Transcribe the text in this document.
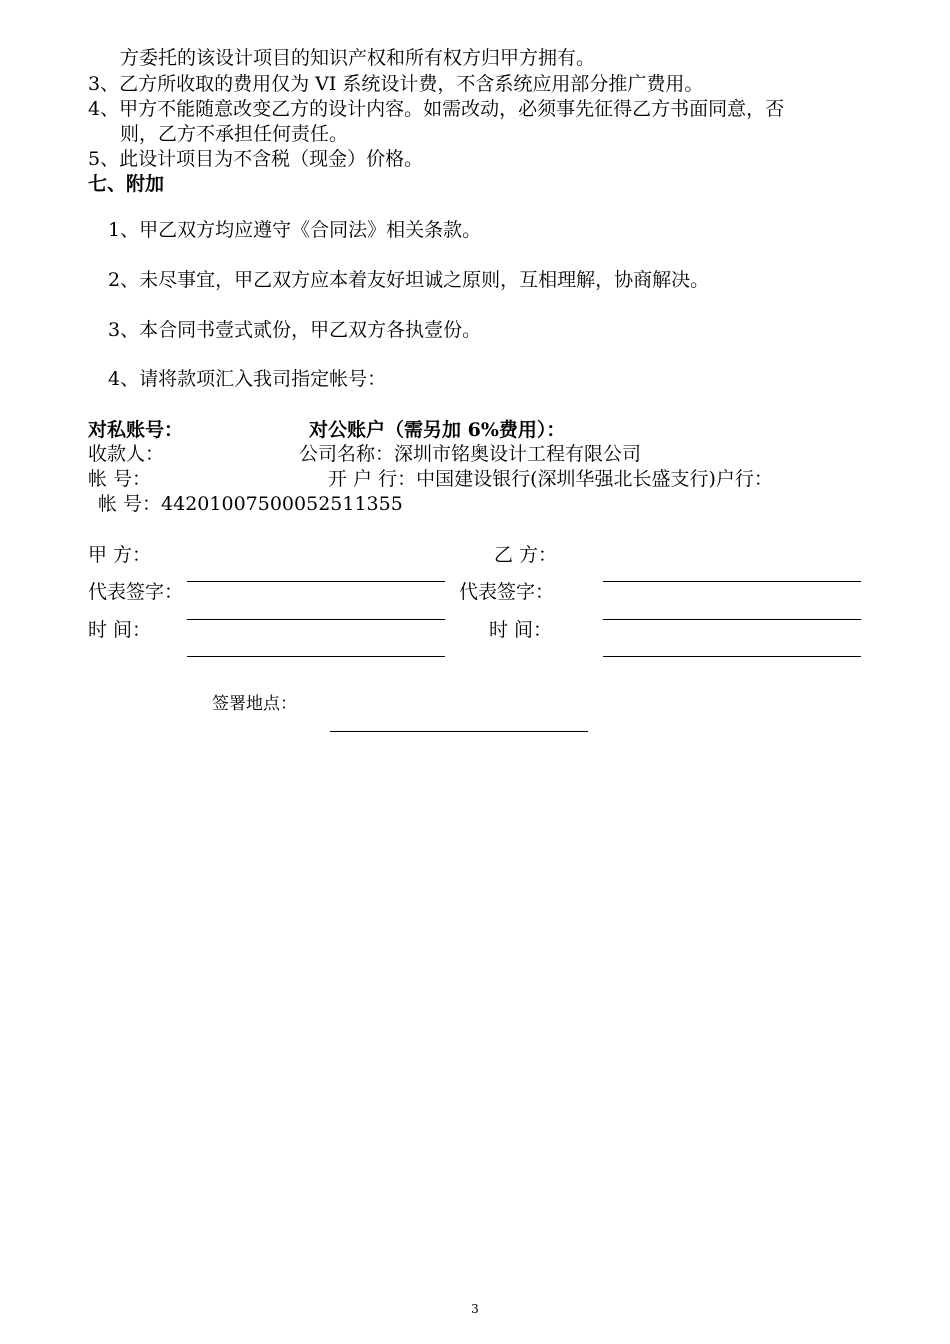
方委托的该设计项目的知识产权和所有权方归甲方拥有。
3、乙方所收取的费用仅为 VI 系统设计费，不含系统应用部分推广费用。
4、甲方不能随意改变乙方的设计内容。如需改动，必须事先征得乙方书面同意，否
则，乙方不承担任何责任。
5、此设计项目为不含税（现金）价格。
七、附加
1、甲乙双方均应遵守《合同法》相关条款。
2、未尽事宜，甲乙双方应本着友好坦诚之原则，互相理解，协商解决。
3、本合同书壹式贰份，甲乙双方各执壹份。
4、请将款项汇入我司指定帐号：
对私账号：	对公账户（需另加 6%费用）：
收款人：	公司名称：深圳市铭奥设计工程有限公司
帐 号：	开 户 行：中国建设银行(深圳华强北长盛支行)户行：
帐 号：44201007500052511355
甲 方：	乙 方：
代表签字：	代表签字：
时 间：	时 间：
签署地点：
3
